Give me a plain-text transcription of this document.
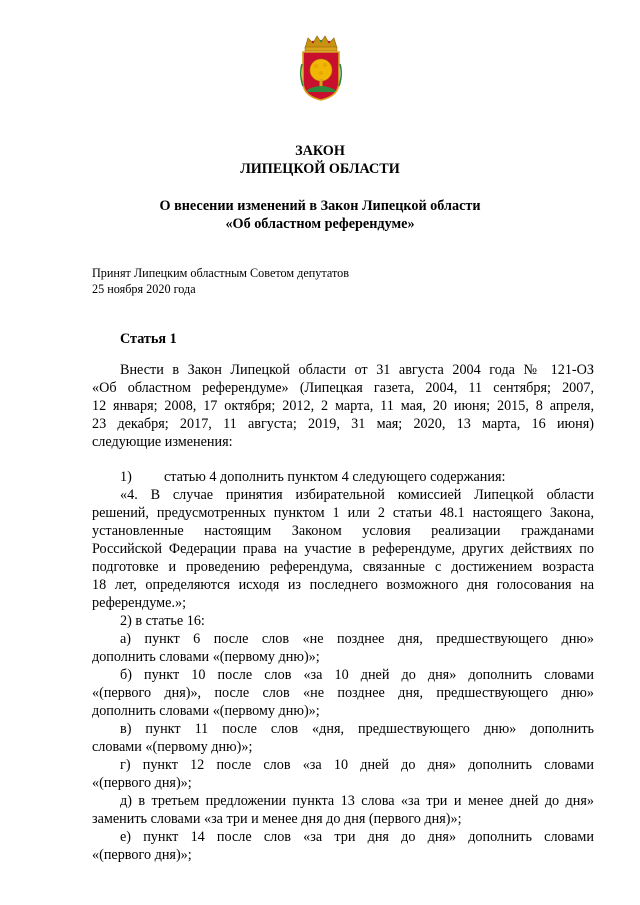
ЗАКОН
ЛИПЕЦКОЙ ОБЛАСТИ
О внесении изменений в Закон Липецкой области
«Об областном референдуме»
Принят Липецким областным Советом депутатов
25 ноября 2020 года
Статья 1
Внести в Закон Липецкой области от 31 августа 2004 года № 121-ОЗ
«Об областном референдуме» (Липецкая газета, 2004, 11 сентября; 2007,
12 января; 2008, 17 октября; 2012, 2 марта, 11 мая, 20 июня; 2015, 8 апреля,
23 декабря; 2017, 11 августа; 2019, 31 мая; 2020, 13 марта, 16 июня)
следующие изменения:
1) статью 4 дополнить пунктом 4 следующего содержания:
«4. В случае принятия избирательной комиссией Липецкой области
решений, предусмотренных пунктом 1 или 2 статьи 48.1 настоящего Закона,
установленные настоящим Законом условия реализации гражданами
Российской Федерации права на участие в референдуме, других действиях по
подготовке и проведению референдума, связанные с достижением возраста
18 лет, определяются исходя из последнего возможного дня голосования на
референдуме.»;
2) в статье 16:
а) пункт 6 после слов «не позднее дня, предшествующего дню»
дополнить словами «(первому дню)»;
б) пункт 10 после слов «за 10 дней до дня» дополнить словами
«(первого дня)», после слов «не позднее дня, предшествующего дню»
дополнить словами «(первому дню)»;
в) пункт 11 после слов «дня, предшествующего дню» дополнить
словами «(первому дню)»;
г) пункт 12 после слов «за 10 дней до дня» дополнить словами
«(первого дня)»;
д) в третьем предложении пункта 13 слова «за три и менее дней до дня»
заменить словами «за три и менее дня до дня (первого дня)»;
е) пункт 14 после слов «за три дня до дня» дополнить словами
«(первого дня)»;
